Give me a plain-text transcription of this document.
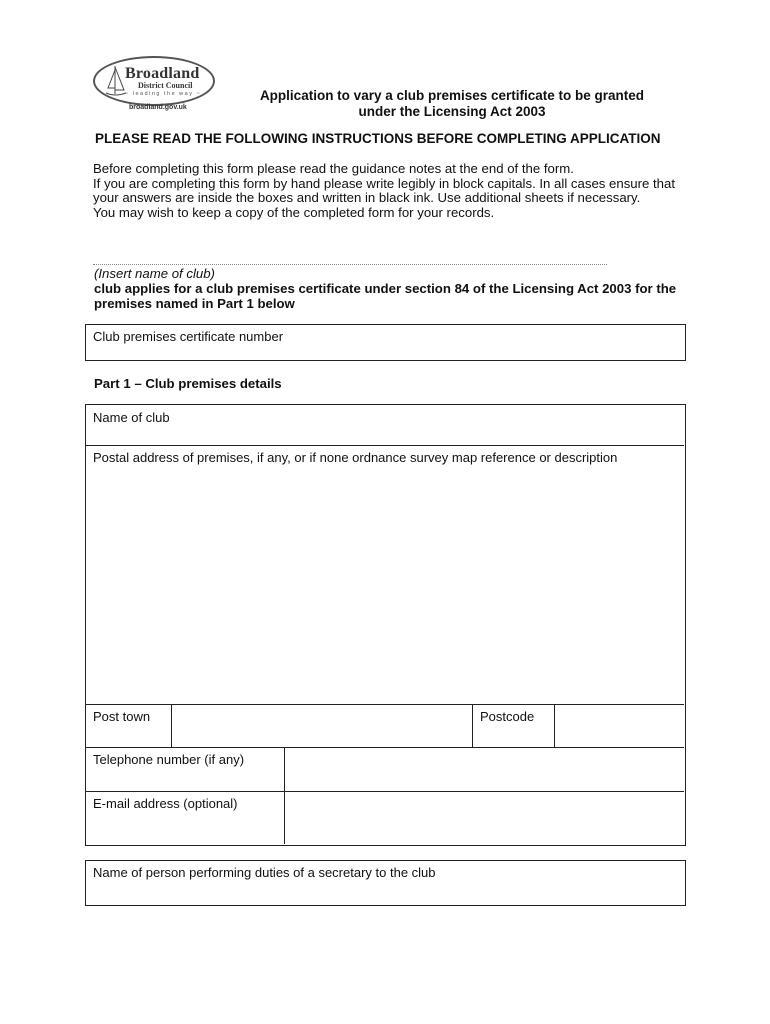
Broadland
District Council
~ leading the way ~
broadland.gov.uk
Application to vary a club premises certificate to be granted
under the Licensing Act 2003
PLEASE READ THE FOLLOWING INSTRUCTIONS BEFORE COMPLETING APPLICATION

Before completing this form please read the guidance notes at the end of the form.

If you are completing this form by hand please write legibly in block capitals. In all cases ensure that your answers are inside the boxes and written in black ink. Use additional sheets if necessary.

You may wish to keep a copy of the completed form for your records.

(Insert name of club)
club applies for a club premises certificate under section 84 of the Licensing Act 2003 for the premises named in Part 1 below
Club premises certificate number
Part 1 – Club premises details
Name of club
Postal address of premises, if any, or if none ordnance survey map reference or description
Post town	Postcode
Telephone number (if any)
E-mail address (optional)
Name of person performing duties of a secretary to the club
